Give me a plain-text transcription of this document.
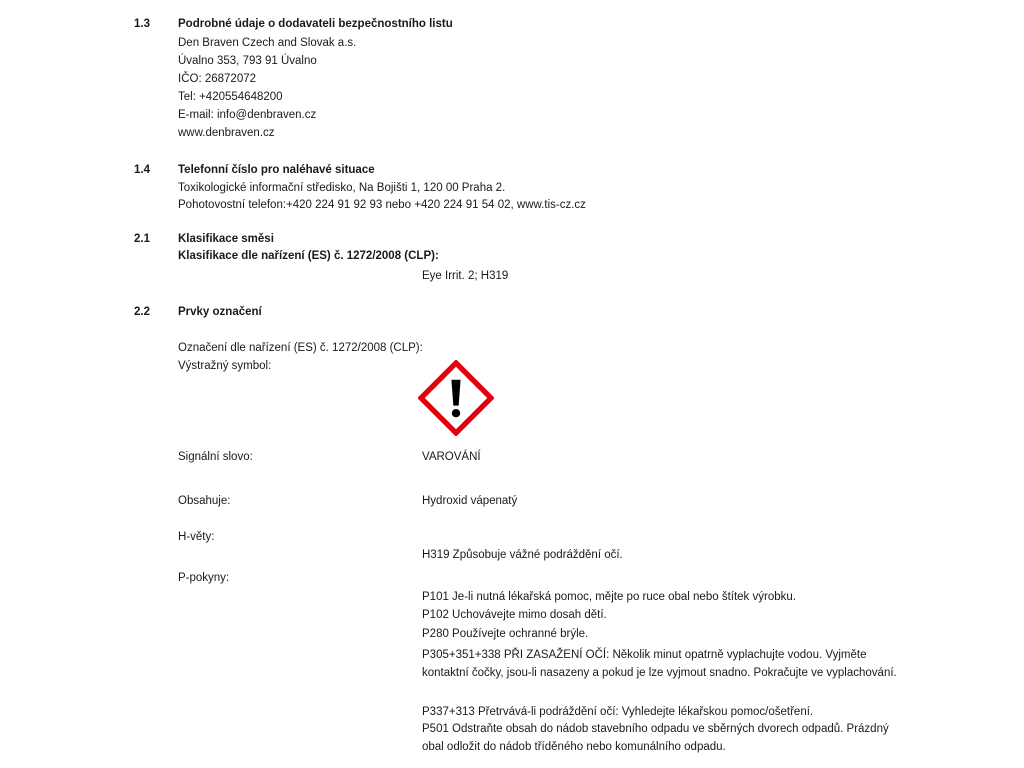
1.3 Podrobné údaje o dodavateli bezpečnostního listu
Den Braven Czech and Slovak a.s.
Úvalno 353, 793 91 Úvalno
IČO: 26872072
Tel: +420554648200
E-mail: info@denbraven.cz
www.denbraven.cz
1.4 Telefonní číslo pro naléhavé situace
Toxikologické informační středisko, Na Bojišti 1, 120 00 Praha 2.
Pohotovostní telefon:+420 224 91 92 93 nebo +420 224 91 54 02, www.tis-cz.cz
2.1 Klasifikace směsi
Klasifikace dle nařízení (ES) č. 1272/2008 (CLP):
Eye Irrit. 2; H319
2.2 Prvky označení
Označení dle nařízení (ES) č. 1272/2008 (CLP):
Výstražný symbol:
Signální slovo:	VAROVÁNÍ
Obsahuje:	Hydroxid vápenatý
H-věty:
H319 Způsobuje vážné podráždění očí.
P-pokyny:
P101 Je-li nutná lékařská pomoc, mějte po ruce obal nebo štítek výrobku.
P102 Uchovávejte mimo dosah dětí.
P280 Používejte ochranné brýle.
P305+351+338 PŘI ZASAŽENÍ OČÍ: Několik minut opatrně vyplachujte vodou. Vyjměte kontaktní čočky, jsou-li nasazeny a pokud je lze vyjmout snadno. Pokračujte ve vyplachování.
P337+313 Přetrvává-li podráždění očí: Vyhledejte lékařskou pomoc/ošetření.
P501 Odstraňte obsah do nádob stavebního odpadu ve sběrných dvorech odpadů. Prázdný obal odložit do nádob tříděného nebo komunálního odpadu.
